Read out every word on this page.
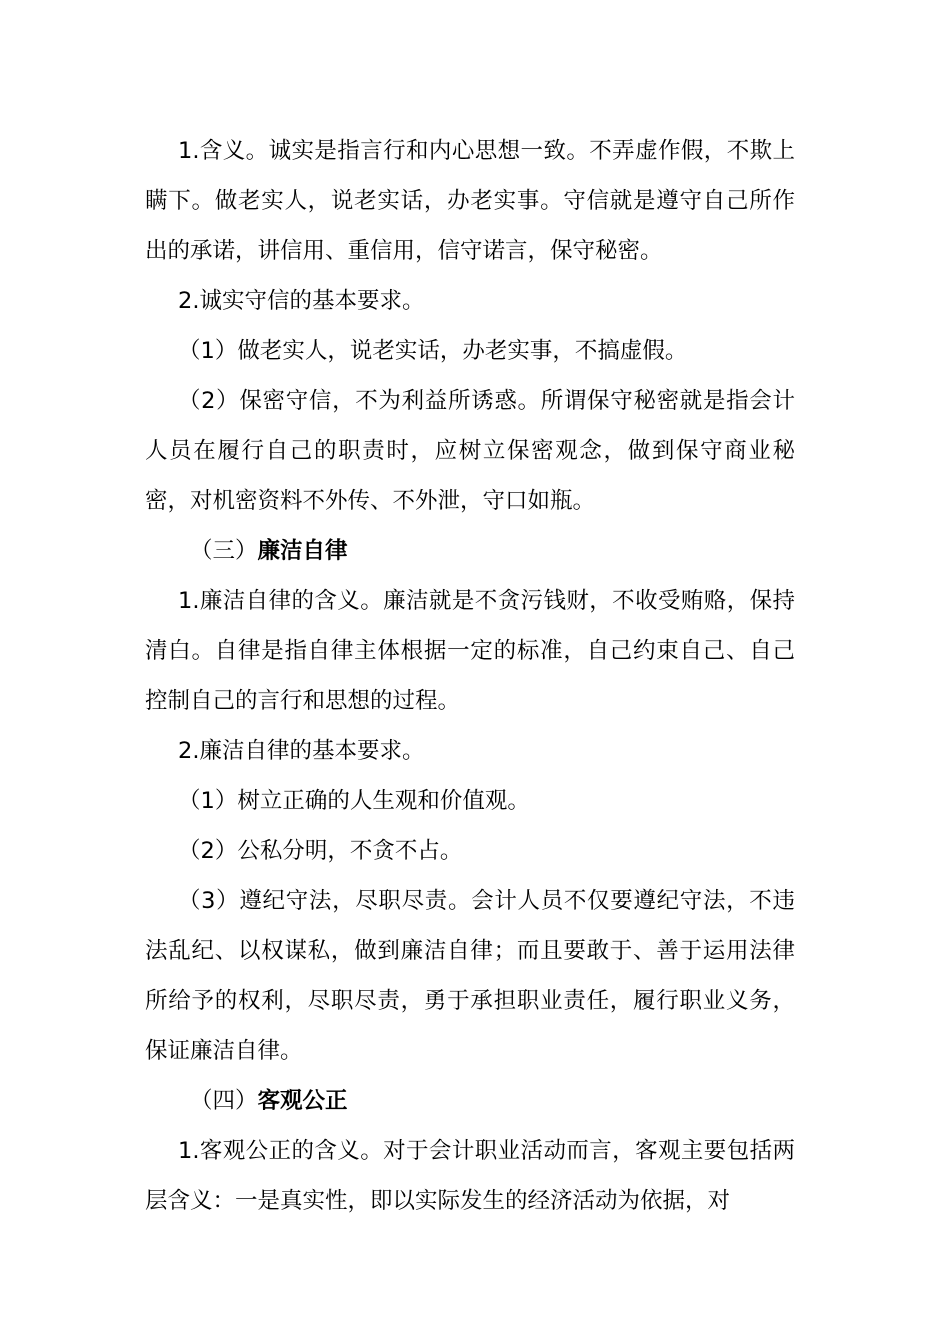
1.含义。诚实是指言行和内心思想一致。不弄虚作假，不欺上瞒下。做老实人，说老实话，办老实事。守信就是遵守自己所作出的承诺，讲信用、重信用，信守诺言，保守秘密。

2.诚实守信的基本要求。

（1）做老实人，说老实话，办老实事，不搞虚假。

（2）保密守信，不为利益所诱惑。所谓保守秘密就是指会计人员在履行自己的职责时，应树立保密观念，做到保守商业秘密，对机密资料不外传、不外泄，守口如瓶。

（三）廉洁自律

1.廉洁自律的含义。廉洁就是不贪污钱财，不收受贿赂，保持清白。自律是指自律主体根据一定的标准，自己约束自己、自己控制自己的言行和思想的过程。

2.廉洁自律的基本要求。

（1）树立正确的人生观和价值观。

（2）公私分明，不贪不占。

（3）遵纪守法，尽职尽责。会计人员不仅要遵纪守法，不违法乱纪、以权谋私，做到廉洁自律；而且要敢于、善于运用法律所给予的权利，尽职尽责，勇于承担职业责任，履行职业义务，保证廉洁自律。

（四）客观公正

1.客观公正的含义。对于会计职业活动而言，客观主要包括两层含义：一是真实性，即以实际发生的经济活动为依据，对
